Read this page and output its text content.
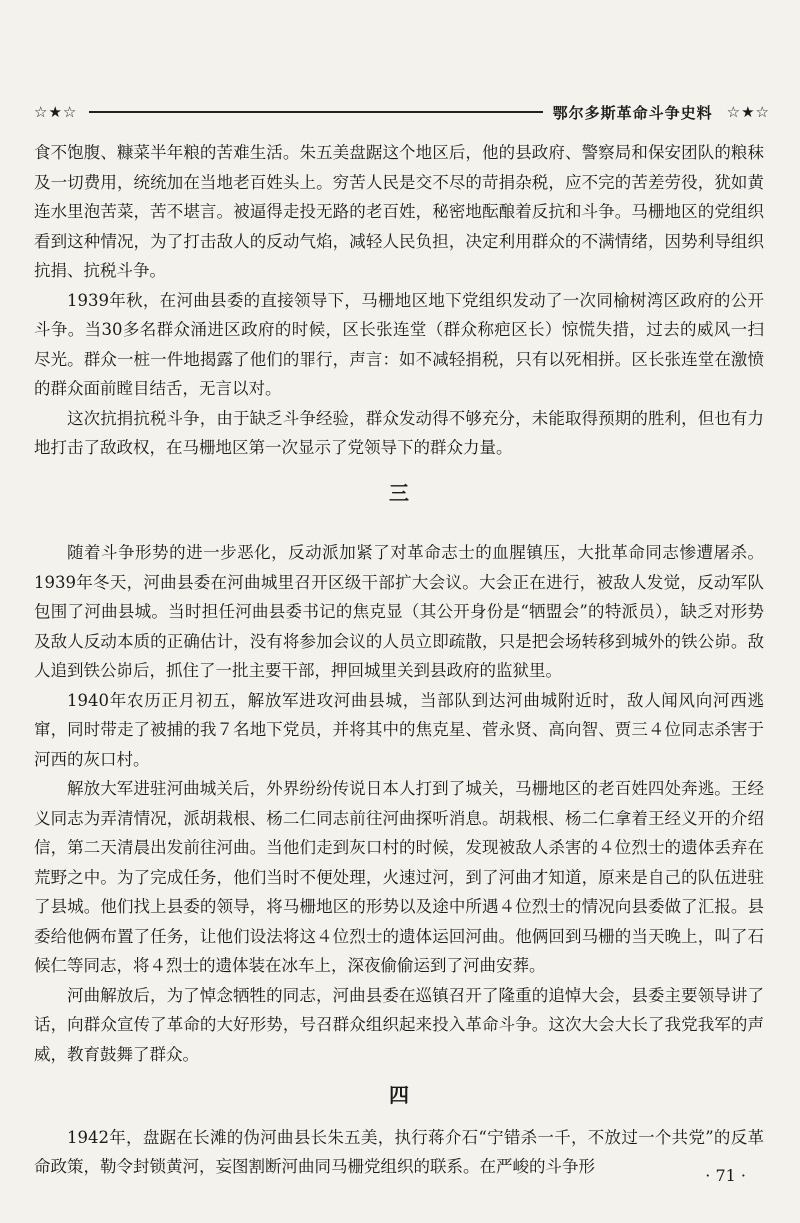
☆★☆	鄂尔多斯革命斗争史料 ☆★☆

食不饱腹、糠菜半年粮的苦难生活。朱五美盘踞这个地区后，他的县政府、警察局和保安团队的粮秣及一切费用，统统加在当地老百姓头上。穷苦人民是交不尽的苛捐杂税，应不完的苦差劳役，犹如黄连水里泡苦菜，苦不堪言。被逼得走投无路的老百姓，秘密地酝酿着反抗和斗争。马栅地区的党组织看到这种情况，为了打击敌人的反动气焰，减轻人民负担，决定利用群众的不满情绪，因势利导组织抗捐、抗税斗争。

1939年秋，在河曲县委的直接领导下，马栅地区地下党组织发动了一次同榆树湾区政府的公开斗争。当30多名群众涌进区政府的时候，区长张连堂（群众称疤区长）惊慌失措，过去的威风一扫尽光。群众一桩一件地揭露了他们的罪行，声言：如不减轻捐税，只有以死相拼。区长张连堂在激愤的群众面前瞠目结舌，无言以对。

这次抗捐抗税斗争，由于缺乏斗争经验，群众发动得不够充分，未能取得预期的胜利，但也有力地打击了敌政权，在马栅地区第一次显示了党领导下的群众力量。

三

随着斗争形势的进一步恶化，反动派加紧了对革命志士的血腥镇压，大批革命同志惨遭屠杀。1939年冬天，河曲县委在河曲城里召开区级干部扩大会议。大会正在进行，被敌人发觉，反动军队包围了河曲县城。当时担任河曲县委书记的焦克显（其公开身份是“牺盟会”的特派员），缺乏对形势及敌人反动本质的正确估计，没有将参加会议的人员立即疏散，只是把会场转移到城外的铁公峁。敌人追到铁公峁后，抓住了一批主要干部，押回城里关到县政府的监狱里。

1940年农历正月初五，解放军进攻河曲县城，当部队到达河曲城附近时，敌人闻风向河西逃窜，同时带走了被捕的我７名地下党员，并将其中的焦克星、菅永贤、高向智、贾三４位同志杀害于河西的灰口村。

解放大军进驻河曲城关后，外界纷纷传说日本人打到了城关，马栅地区的老百姓四处奔逃。王经义同志为弄清情况，派胡栽根、杨二仁同志前往河曲探听消息。胡栽根、杨二仁拿着王经义开的介绍信，第二天清晨出发前往河曲。当他们走到灰口村的时候，发现被敌人杀害的４位烈士的遗体丢弃在荒野之中。为了完成任务，他们当时不便处理，火速过河，到了河曲才知道，原来是自己的队伍进驻了县城。他们找上县委的领导，将马栅地区的形势以及途中所遇４位烈士的情况向县委做了汇报。县委给他俩布置了任务，让他们设法将这４位烈士的遗体运回河曲。他俩回到马栅的当天晚上，叫了石候仁等同志，将４烈士的遗体装在冰车上，深夜偷偷运到了河曲安葬。

河曲解放后，为了悼念牺牲的同志，河曲县委在巡镇召开了隆重的追悼大会，县委主要领导讲了话，向群众宣传了革命的大好形势，号召群众组织起来投入革命斗争。这次大会大长了我党我军的声威，教育鼓舞了群众。

四

1942年，盘踞在长滩的伪河曲县长朱五美，执行蒋介石“宁错杀一千，不放过一个共党”的反革命政策，勒令封锁黄河，妄图割断河曲同马栅党组织的联系。在严峻的斗争形	· 71 ·
